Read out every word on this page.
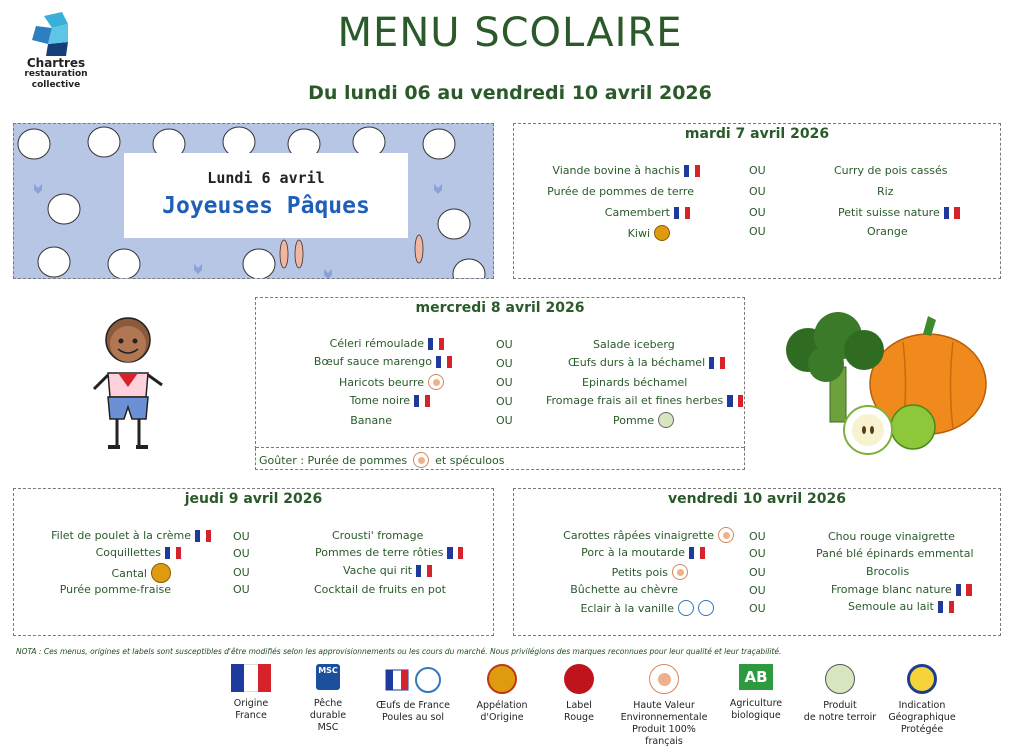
Chartres
restauration
collective
MENU SCOLAIRE
Du lundi 06 au vendredi 10 avril 2026
Lundi 6 avril
Joyeuses Pâques
mardi 7 avril 2026
Viande bovine à hachis	OU	Curry de pois cassés
Purée de pommes de terre	OU	Riz
Camembert	OU	Petit suisse nature
Kiwi	OU	Orange
mercredi 8 avril 2026
Céleri rémoulade	OU	Salade iceberg
Bœuf sauce marengo	OU	Œufs durs à la béchamel
Haricots beurre	OU	Epinards béchamel
Tome noire	OU	Fromage frais ail et fines herbes
Banane	OU	Pomme
Goûter : Purée de pommes	et spéculoos
jeudi 9 avril 2026
Filet de poulet à la crème	OU	Crousti' fromage
Coquillettes	OU	Pommes de terre rôties
Cantal	OU	Vache qui rit
Purée pomme-fraise	OU	Cocktail de fruits en pot
vendredi 10 avril 2026
Carottes râpées vinaigrette	OU	Chou rouge vinaigrette
Porc à la moutarde	OU	Pané blé épinards emmental
Petits pois	OU	Brocolis
Bûchette au chèvre	OU	Fromage blanc nature
Eclair à la vanille	OU	Semoule au lait
NOTA : Ces menus, origines et labels sont susceptibles d'être modifiés selon les approvisionnements ou les cours du marché. Nous privilégions des marques reconnues pour leur qualité et leur traçabilité.
Origine
France
MSC
Pêche
durable
MSC
Œufs de France
Poules au sol
Appélation
d'Origine
Label
Rouge
Haute Valeur
Environnementale
Produit 100% français
AB
Agriculture
biologique
Produit
de notre terroir
Indication
Géographique
Protégée
